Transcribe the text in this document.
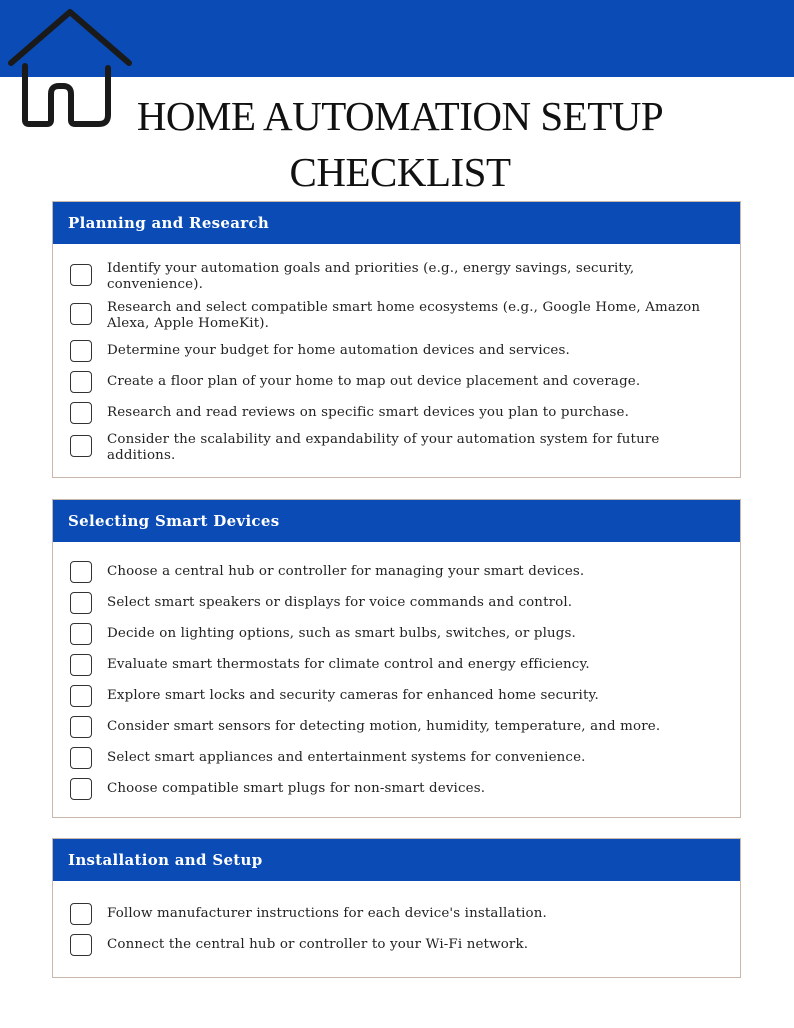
HOME AUTOMATION SETUP
CHECKLIST
Planning and Research
Identify your automation goals and priorities (e.g., energy savings, security, convenience).
Research and select compatible smart home ecosystems (e.g., Google Home, Amazon Alexa, Apple HomeKit).
Determine your budget for home automation devices and services.
Create a floor plan of your home to map out device placement and coverage.
Research and read reviews on specific smart devices you plan to purchase.
Consider the scalability and expandability of your automation system for future additions.
Selecting Smart Devices
Choose a central hub or controller for managing your smart devices.
Select smart speakers or displays for voice commands and control.
Decide on lighting options, such as smart bulbs, switches, or plugs.
Evaluate smart thermostats for climate control and energy efficiency.
Explore smart locks and security cameras for enhanced home security.
Consider smart sensors for detecting motion, humidity, temperature, and more.
Select smart appliances and entertainment systems for convenience.
Choose compatible smart plugs for non-smart devices.
Installation and Setup
Follow manufacturer instructions for each device's installation.
Connect the central hub or controller to your Wi-Fi network.
